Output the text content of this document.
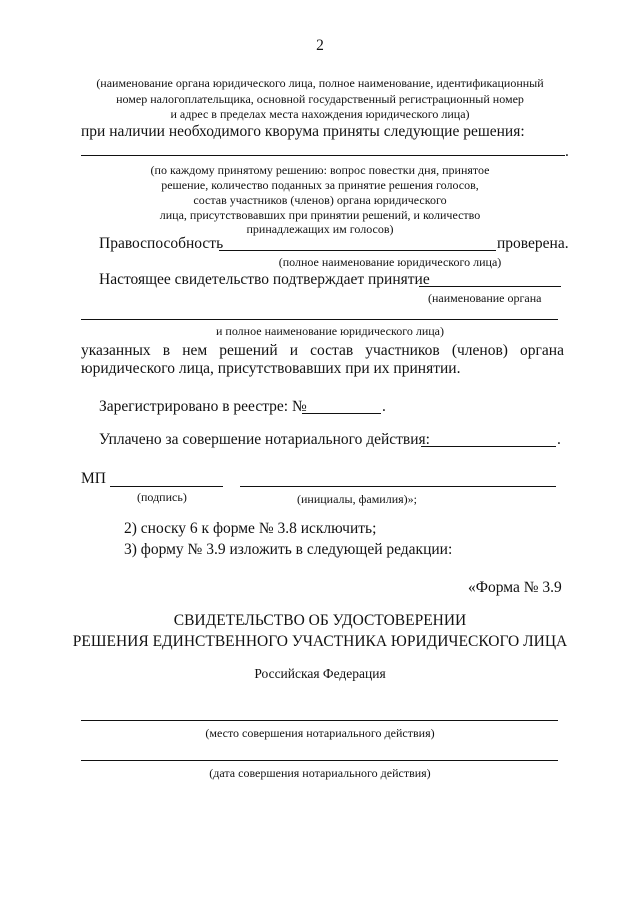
2
(наименование органа юридического лица, полное наименование, идентификационный
номер налогоплательщика, основной государственный регистрационный номер
и адрес в пределах места нахождения юридического лица)
при наличии необходимого кворума приняты следующие решения:
.
(по каждому принятому решению: вопрос повестки дня, принятое
решение, количество поданных за принятие решения голосов,
состав участников (членов) органа юридического
лица, присутствовавших при принятии решений, и количество
принадлежащих им голосов)
Правоспособность	проверена.
(полное наименование юридического лица)
Настоящее свидетельство подтверждает принятие
(наименование органа
и полное наименование юридического лица)
указанных в нем решений и состав участников (членов) органа
юридического лица, присутствовавших при их принятии.
Зарегистрировано в реестре: №	.
Уплачено за совершение нотариального действия:	.
МП
(подпись)	(инициалы, фамилия)»;
2) сноску 6 к форме № 3.8 исключить;
3) форму № 3.9 изложить в следующей редакции:
«Форма № 3.9
СВИДЕТЕЛЬСТВО ОБ УДОСТОВЕРЕНИИ
РЕШЕНИЯ ЕДИНСТВЕННОГО УЧАСТНИКА ЮРИДИЧЕСКОГО ЛИЦА
Российская Федерация
(место совершения нотариального действия)
(дата совершения нотариального действия)
